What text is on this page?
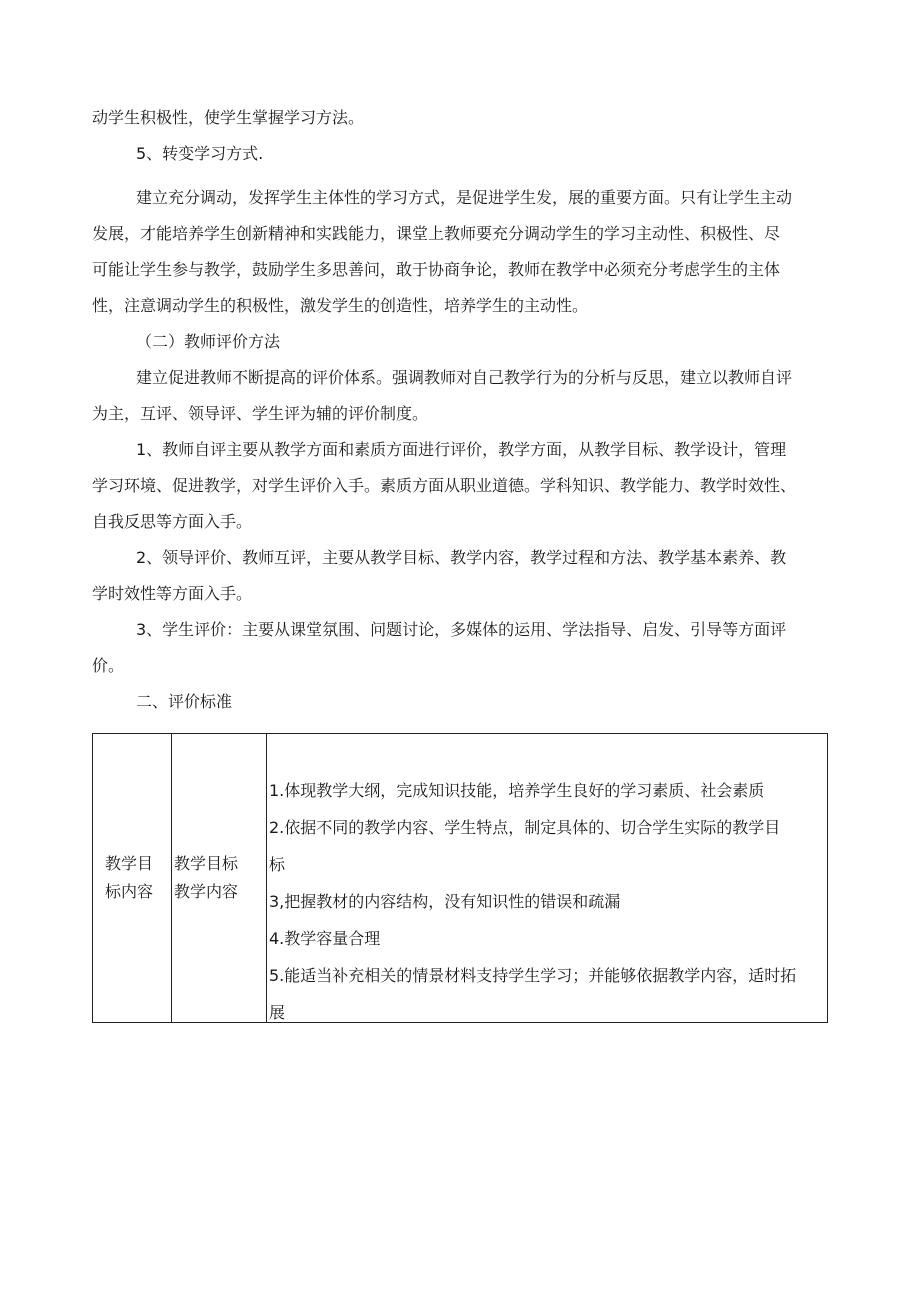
动学生积极性，使学生掌握学习方法。
5、转变学习方式.
建立充分调动，发挥学生主体性的学习方式，是促进学生发，展的重要方面。只有让学生主动
发展，才能培养学生创新精神和实践能力，课堂上教师要充分调动学生的学习主动性、积极性、尽
可能让学生参与教学，鼓励学生多思善问，敢于协商争论，教师在教学中必须充分考虑学生的主体
性，注意调动学生的积极性，激发学生的创造性，培养学生的主动性。
（二）教师评价方法
建立促进教师不断提高的评价体系。强调教师对自己教学行为的分析与反思，建立以教师自评
为主，互评、领导评、学生评为辅的评价制度。
1、教师自评主要从教学方面和素质方面进行评价，教学方面，从教学目标、教学设计，管理
学习环境、促进教学，对学生评价入手。素质方面从职业道德。学科知识、教学能力、教学时效性、
自我反思等方面入手。
2、领导评价、教师互评，主要从教学目标、教学内容，教学过程和方法、教学基本素养、教
学时效性等方面入手。
3、学生评价：主要从课堂氛围、问题讨论，多媒体的运用、学法指导、启发、引导等方面评
价。
二、评价标准
教学目
标内容
教学目标
教学内容
1.体现教学大纲，完成知识技能，培养学生良好的学习素质、社会素质
2.依据不同的教学内容、学生特点，制定具体的、切合学生实际的教学目
标
3,把握教材的内容结构，没有知识性的错误和疏漏
4.教学容量合理
5.能适当补充相关的情景材料支持学生学习；并能够依据教学内容，适时拓
展
